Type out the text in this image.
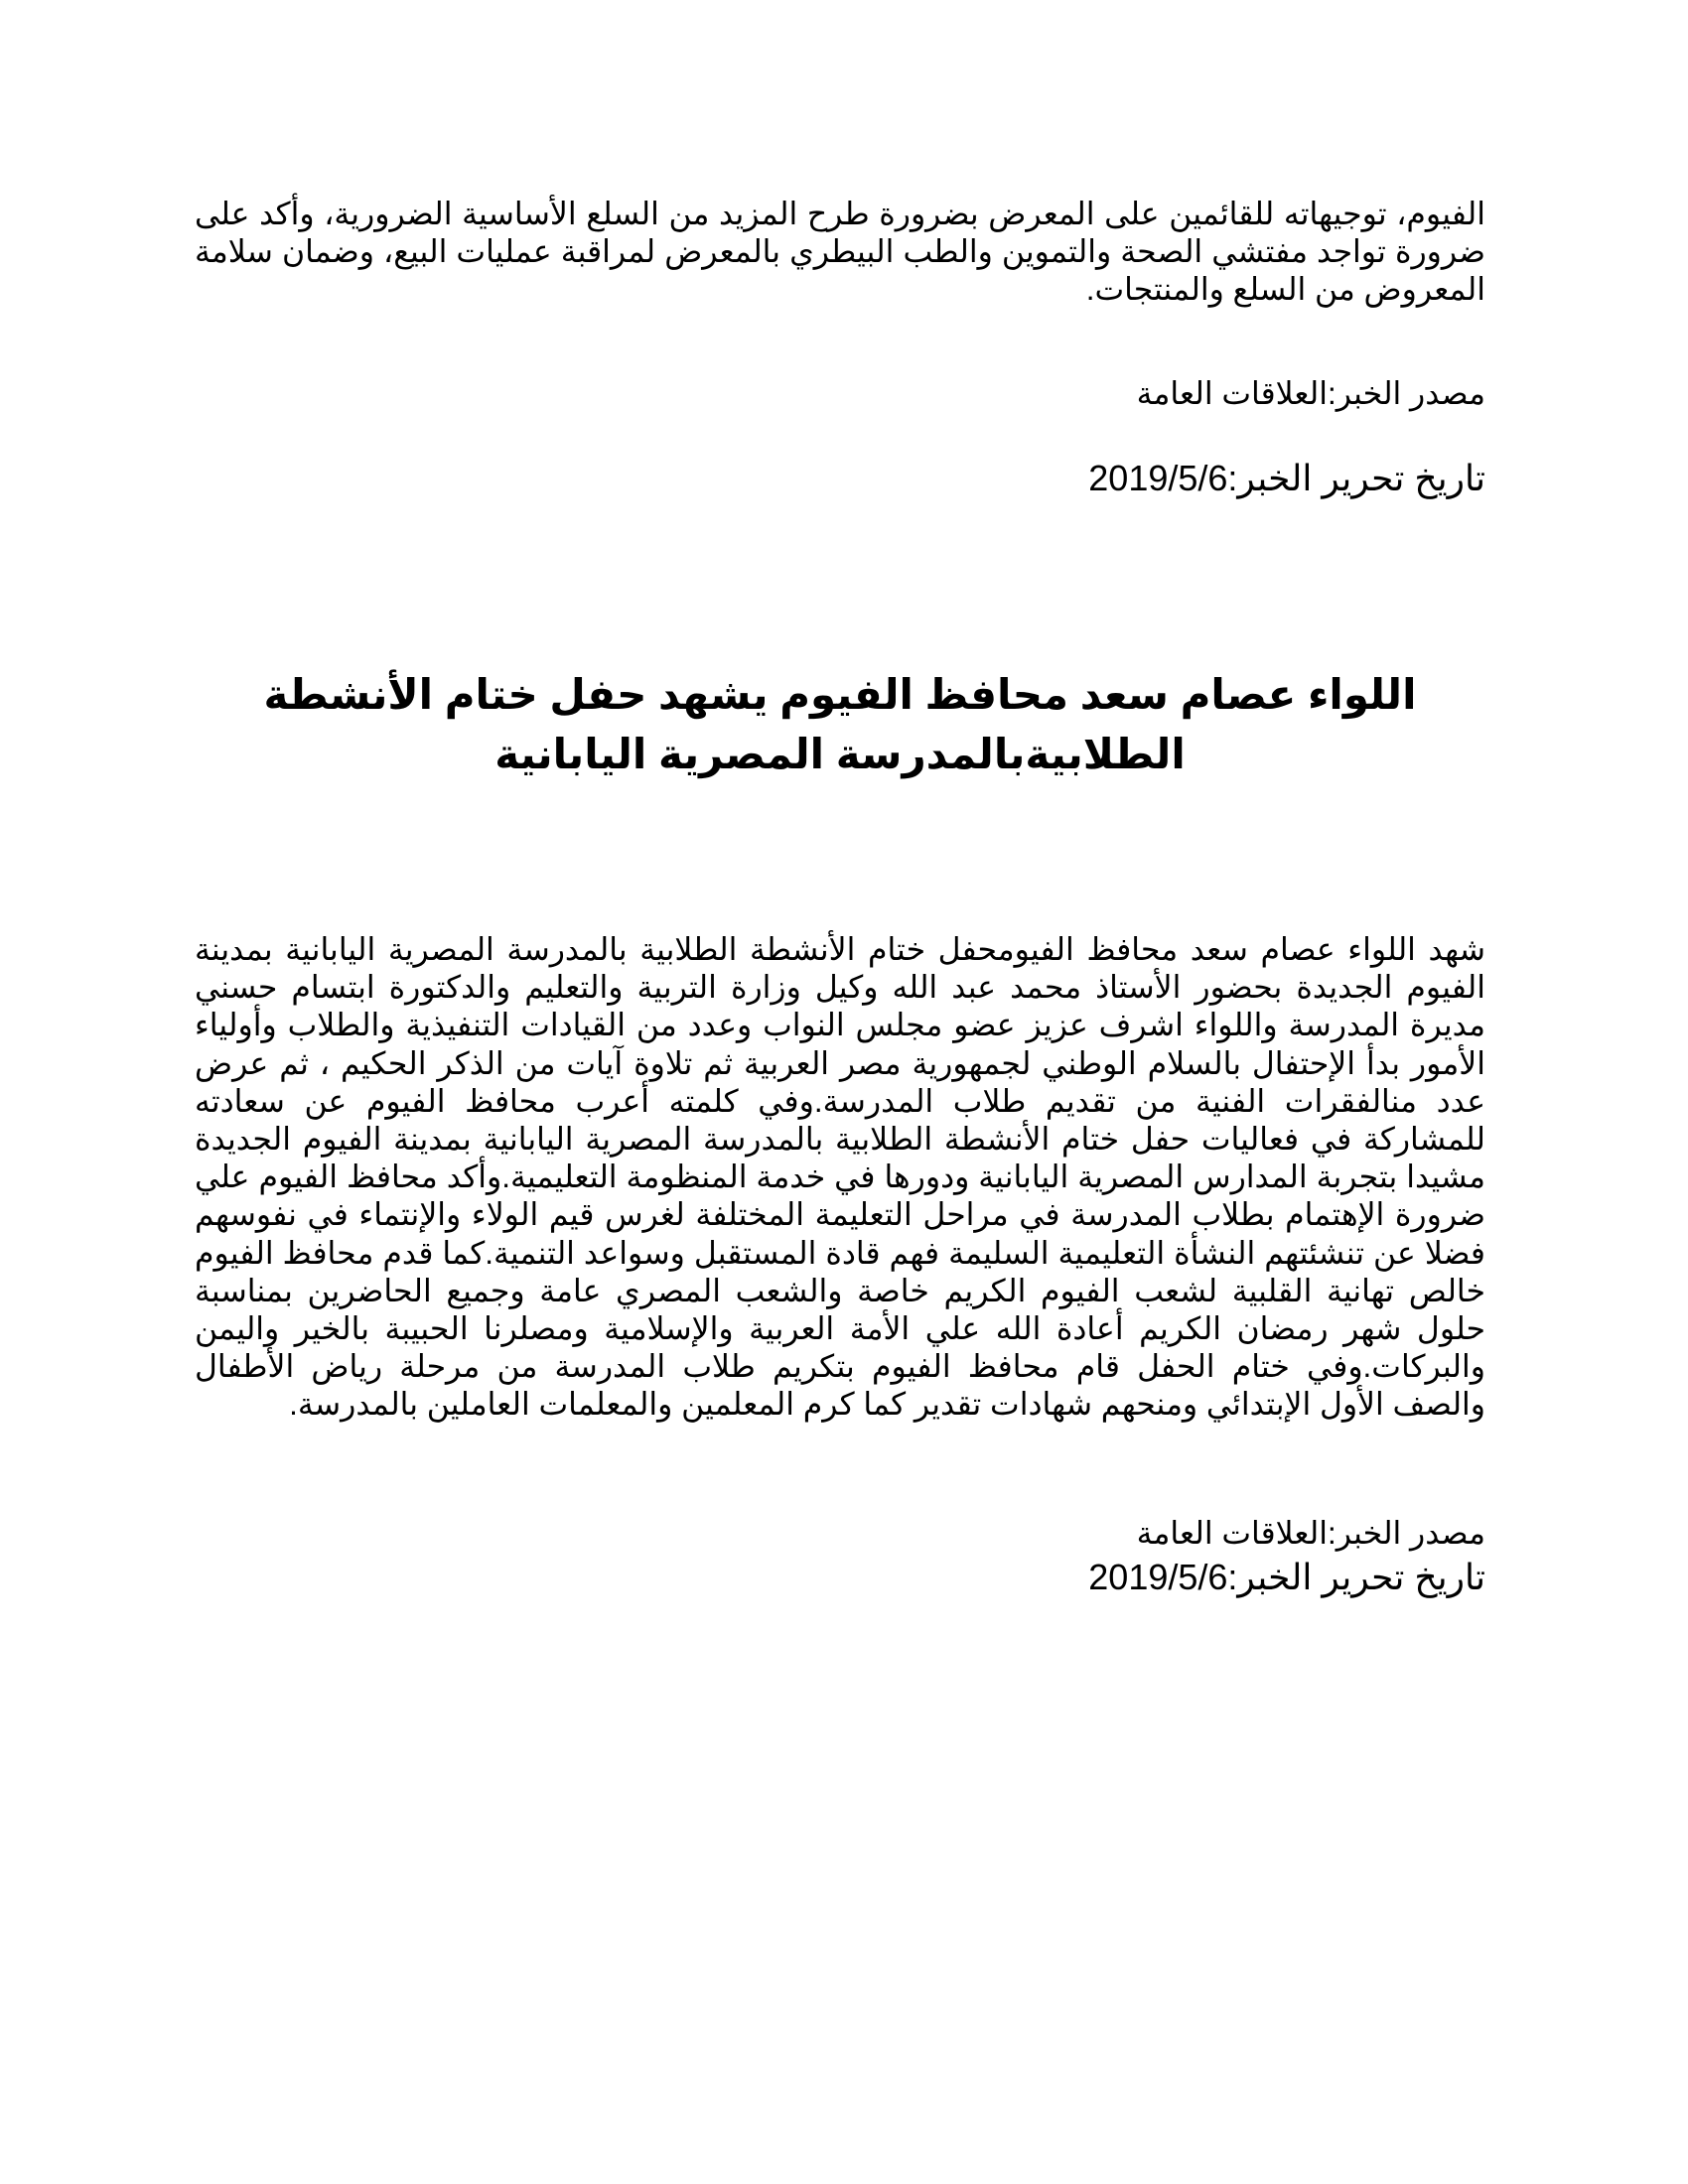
الفيوم، توجيهاته للقائمين على المعرض بضرورة طرح المزيد من السلع الأساسية الضرورية، وأكد على ضرورة تواجد مفتشي الصحة والتموين والطب البيطري بالمعرض لمراقبة عمليات البيع، وضمان سلامة المعروض من السلع والمنتجات.

مصدر الخبر:العلاقات العامة

تاريخ تحرير الخبر:2019/5/6

اللواء عصام سعد محافظ الفيوم يشهد حفل ختام الأنشطة الطلابيةبالمدرسة المصرية اليابانية

شهد اللواء عصام سعد محافظ الفيومحفل ختام الأنشطة الطلابية بالمدرسة المصرية اليابانية بمدينة الفيوم الجديدة بحضور الأستاذ محمد عبد الله وكيل وزارة التربية والتعليم والدكتورة ابتسام حسني مديرة المدرسة واللواء اشرف عزيز عضو مجلس النواب وعدد من القيادات التنفيذية والطلاب وأولياء الأمور بدأ الإحتفال بالسلام الوطني لجمهورية مصر العربية ثم تلاوة آيات من الذكر الحكيم ، ثم عرض عدد منالفقرات الفنية من تقديم طلاب المدرسة.وفي كلمته أعرب محافظ الفيوم عن سعادته للمشاركة في فعاليات حفل ختام الأنشطة الطلابية بالمدرسة المصرية اليابانية بمدينة الفيوم الجديدة مشيدا بتجربة المدارس المصرية اليابانية ودورها في خدمة المنظومة التعليمية.وأكد محافظ الفيوم علي ضرورة الإهتمام بطلاب المدرسة في مراحل التعليمة المختلفة لغرس قيم الولاء والإنتماء في نفوسهم فضلا عن تنشئتهم النشأة التعليمية السليمة فهم قادة المستقبل وسواعد التنمية.كما قدم محافظ الفيوم خالص تهانية القلبية لشعب الفيوم الكريم خاصة والشعب المصري عامة وجميع الحاضرين بمناسبة حلول شهر رمضان الكريم أعادة الله علي الأمة العربية والإسلامية ومصلرنا الحبيبة بالخير واليمن والبركات.وفي ختام الحفل قام محافظ الفيوم بتكريم طلاب المدرسة من مرحلة رياض الأطفال والصف الأول الإبتدائي ومنحهم شهادات تقدير كما كرم المعلمين والمعلمات العاملين بالمدرسة.

مصدر الخبر:العلاقات العامة

تاريخ تحرير الخبر:2019/5/6
